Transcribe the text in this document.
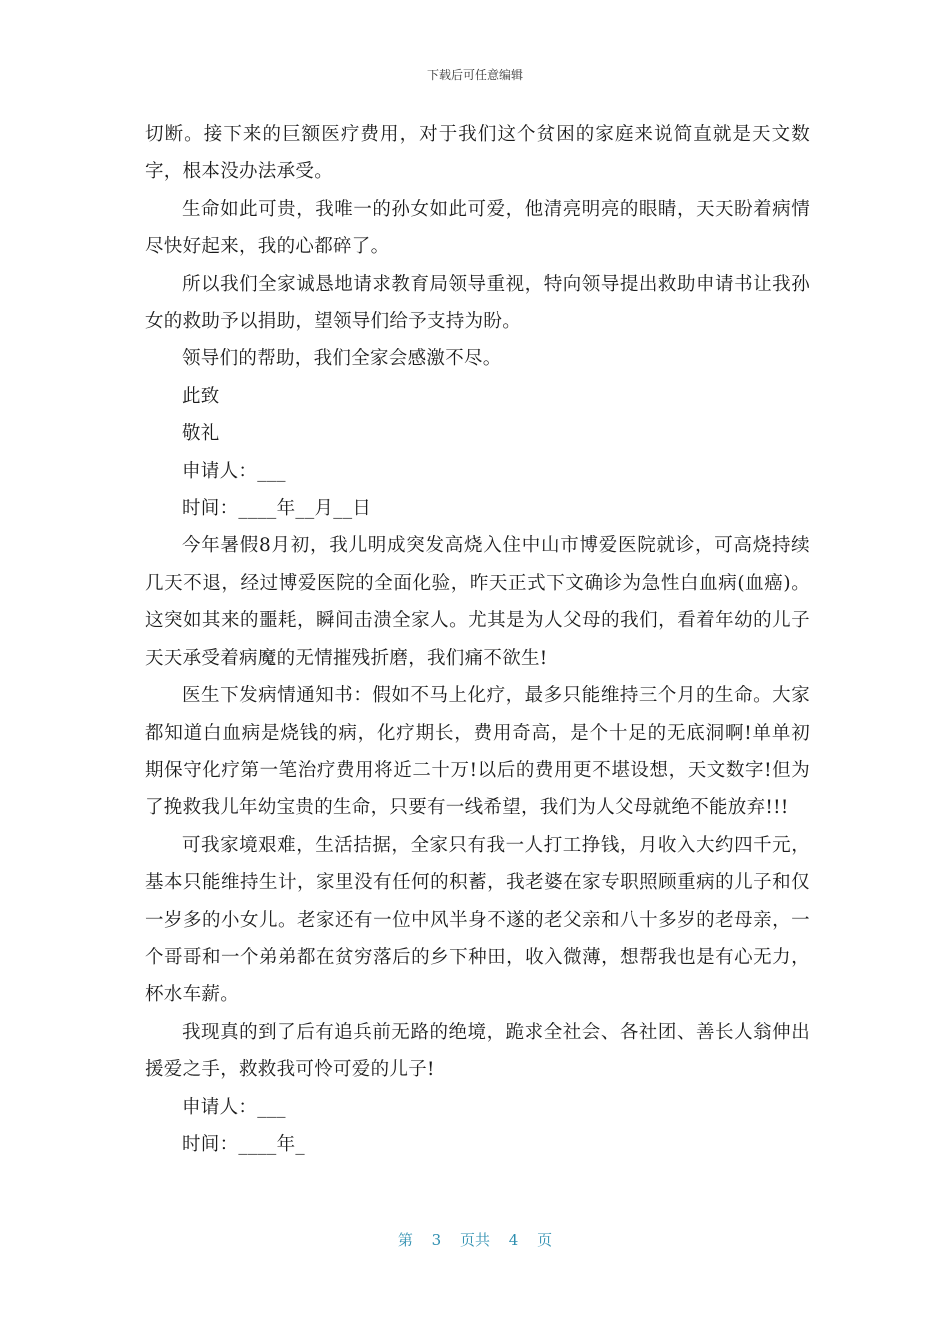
下载后可任意编辑

切断。接下来的巨额医疗费用，对于我们这个贫困的家庭来说简直就是天文数字，根本没办法承受。

生命如此可贵，我唯一的孙女如此可爱，他清亮明亮的眼睛，天天盼着病情尽快好起来，我的心都碎了。

所以我们全家诚恳地请求教育局领导重视，特向领导提出救助申请书让我孙女的救助予以捐助，望领导们给予支持为盼。

领导们的帮助，我们全家会感激不尽。

此致

敬礼

申请人：___

时间：____年__月__日

今年暑假8月初，我儿明成突发高烧入住中山市博爱医院就诊，可高烧持续几天不退，经过博爱医院的全面化验，昨天正式下文确诊为急性白血病(血癌)。这突如其来的噩耗，瞬间击溃全家人。尤其是为人父母的我们，看着年幼的儿子天天承受着病魔的无情摧残折磨，我们痛不欲生!

医生下发病情通知书：假如不马上化疗，最多只能维持三个月的生命。大家都知道白血病是烧钱的病，化疗期长，费用奇高，是个十足的无底洞啊!单单初期保守化疗第一笔治疗费用将近二十万!以后的费用更不堪设想，天文数字!但为了挽救我儿年幼宝贵的生命，只要有一线希望，我们为人父母就绝不能放弃!!!

可我家境艰难，生活拮据，全家只有我一人打工挣钱，月收入大约四千元，基本只能维持生计，家里没有任何的积蓄，我老婆在家专职照顾重病的儿子和仅一岁多的小女儿。老家还有一位中风半身不遂的老父亲和八十多岁的老母亲，一个哥哥和一个弟弟都在贫穷落后的乡下种田，收入微薄，想帮我也是有心无力，杯水车薪。

我现真的到了后有追兵前无路的绝境，跪求全社会、各社团、善长人翁伸出援爱之手，救救我可怜可爱的儿子!

申请人：___

时间：____年_

第 3 页共 4 页
